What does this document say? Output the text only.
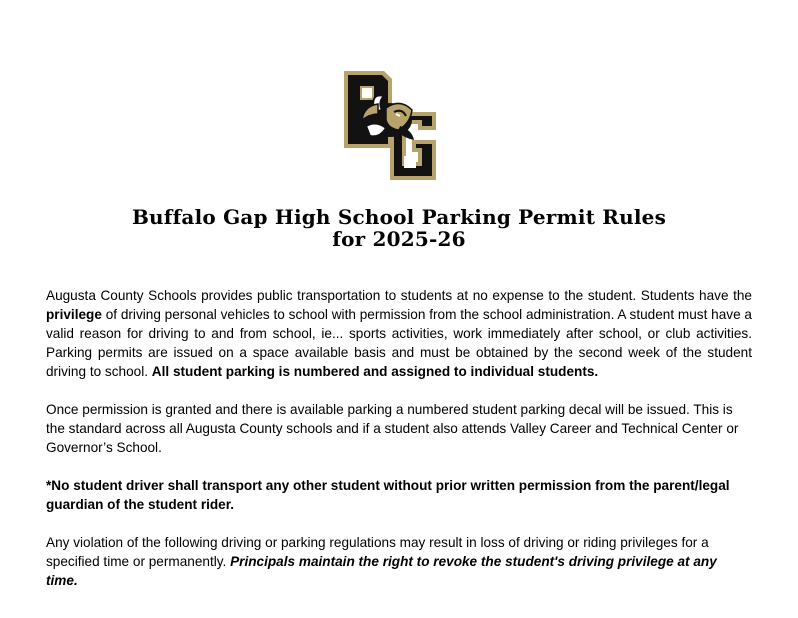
Buffalo Gap High School Parking Permit Rules
for 2025-26

Augusta County Schools provides public transportation to students at no expense to the student. Students have the privilege of driving personal vehicles to school with permission from the school administration. A student must have a valid reason for driving to and from school, ie... sports activities, work immediately after school, or club activities. Parking permits are issued on a space available basis and must be obtained by the second week of the student driving to school. All student parking is numbered and assigned to individual students.

Once permission is granted and there is available parking a numbered student parking decal will be issued. This is the standard across all Augusta County schools and if a student also attends Valley Career and Technical Center or Governor’s School.

*No student driver shall transport any other student without prior written permission from the parent/legal guardian of the student rider.

Any violation of the following driving or parking regulations may result in loss of driving or riding privileges for a specified time or permanently. Principals maintain the right to revoke the student's driving privilege at any time.
